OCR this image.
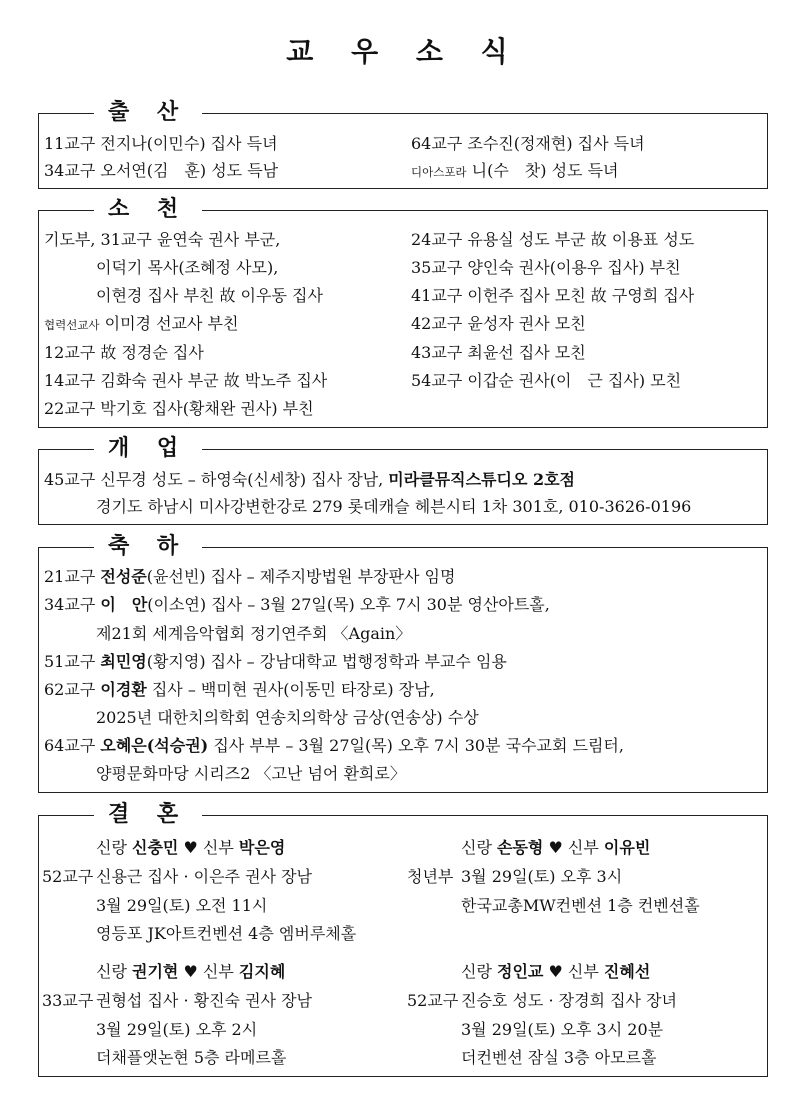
교 우 소 식
출 산
11교구 전지나(이민수) 집사 득녀
34교구 오서연(김　훈) 성도 득남
64교구 조수진(정재현) 집사 득녀
디아스포라 니(수　찻) 성도 득녀
소 천
기도부, 31교구 윤연숙 권사 부군,
이덕기 목사(조혜정 사모),
이현경 집사 부친 故 이우동 집사
협력선교사 이미경 선교사 부친
12교구 故 정경순 집사
14교구 김화숙 권사 부군 故 박노주 집사
22교구 박기호 집사(황채완 권사) 부친
24교구 유용실 성도 부군 故 이용표 성도
35교구 양인숙 권사(이용우 집사) 부친
41교구 이헌주 집사 모친 故 구영희 집사
42교구 윤성자 권사 모친
43교구 최윤선 집사 모친
54교구 이갑순 권사(이　근 집사) 모친
개 업
45교구 신무경 성도 – 하영숙(신세창) 집사 장남, 미라클뮤직스튜디오 2호점
경기도 하남시 미사강변한강로 279 롯데캐슬 헤븐시티 1차 301호, 010-3626-0196
축 하
21교구 전성준(윤선빈) 집사 – 제주지방법원 부장판사 임명
34교구 이　안(이소연) 집사 – 3월 27일(목) 오후 7시 30분 영산아트홀,
제21회 세계음악협회 정기연주회 〈Again〉
51교구 최민영(황지영) 집사 – 강남대학교 법행정학과 부교수 임용
62교구 이경환 집사 – 백미현 권사(이동민 타장로) 장남,
2025년 대한치의학회 연송치의학상 금상(연송상) 수상
64교구 오혜은(석승권) 집사 부부 – 3월 27일(목) 오후 7시 30분 국수교회 드림터,
양평문화마당 시리즈2 〈고난 넘어 환희로〉
결 혼
신랑 신충민 ♥ 신부 박은영
52교구 신용근 집사 · 이은주 권사 장남
3월 29일(토) 오전 11시
영등포 JK아트컨벤션 4층 엠버루체홀
신랑 손동형 ♥ 신부 이유빈
청년부 3월 29일(토) 오후 3시
한국교총MW컨벤션 1층 컨벤션홀
신랑 권기현 ♥ 신부 김지혜
33교구 권형섭 집사 · 황진숙 권사 장남
3월 29일(토) 오후 2시
더채플앳논현 5층 라메르홀
신랑 정인교 ♥ 신부 진혜선
52교구 진승호 성도 · 장경희 집사 장녀
3월 29일(토) 오후 3시 20분
더컨벤션 잠실 3층 아모르홀
